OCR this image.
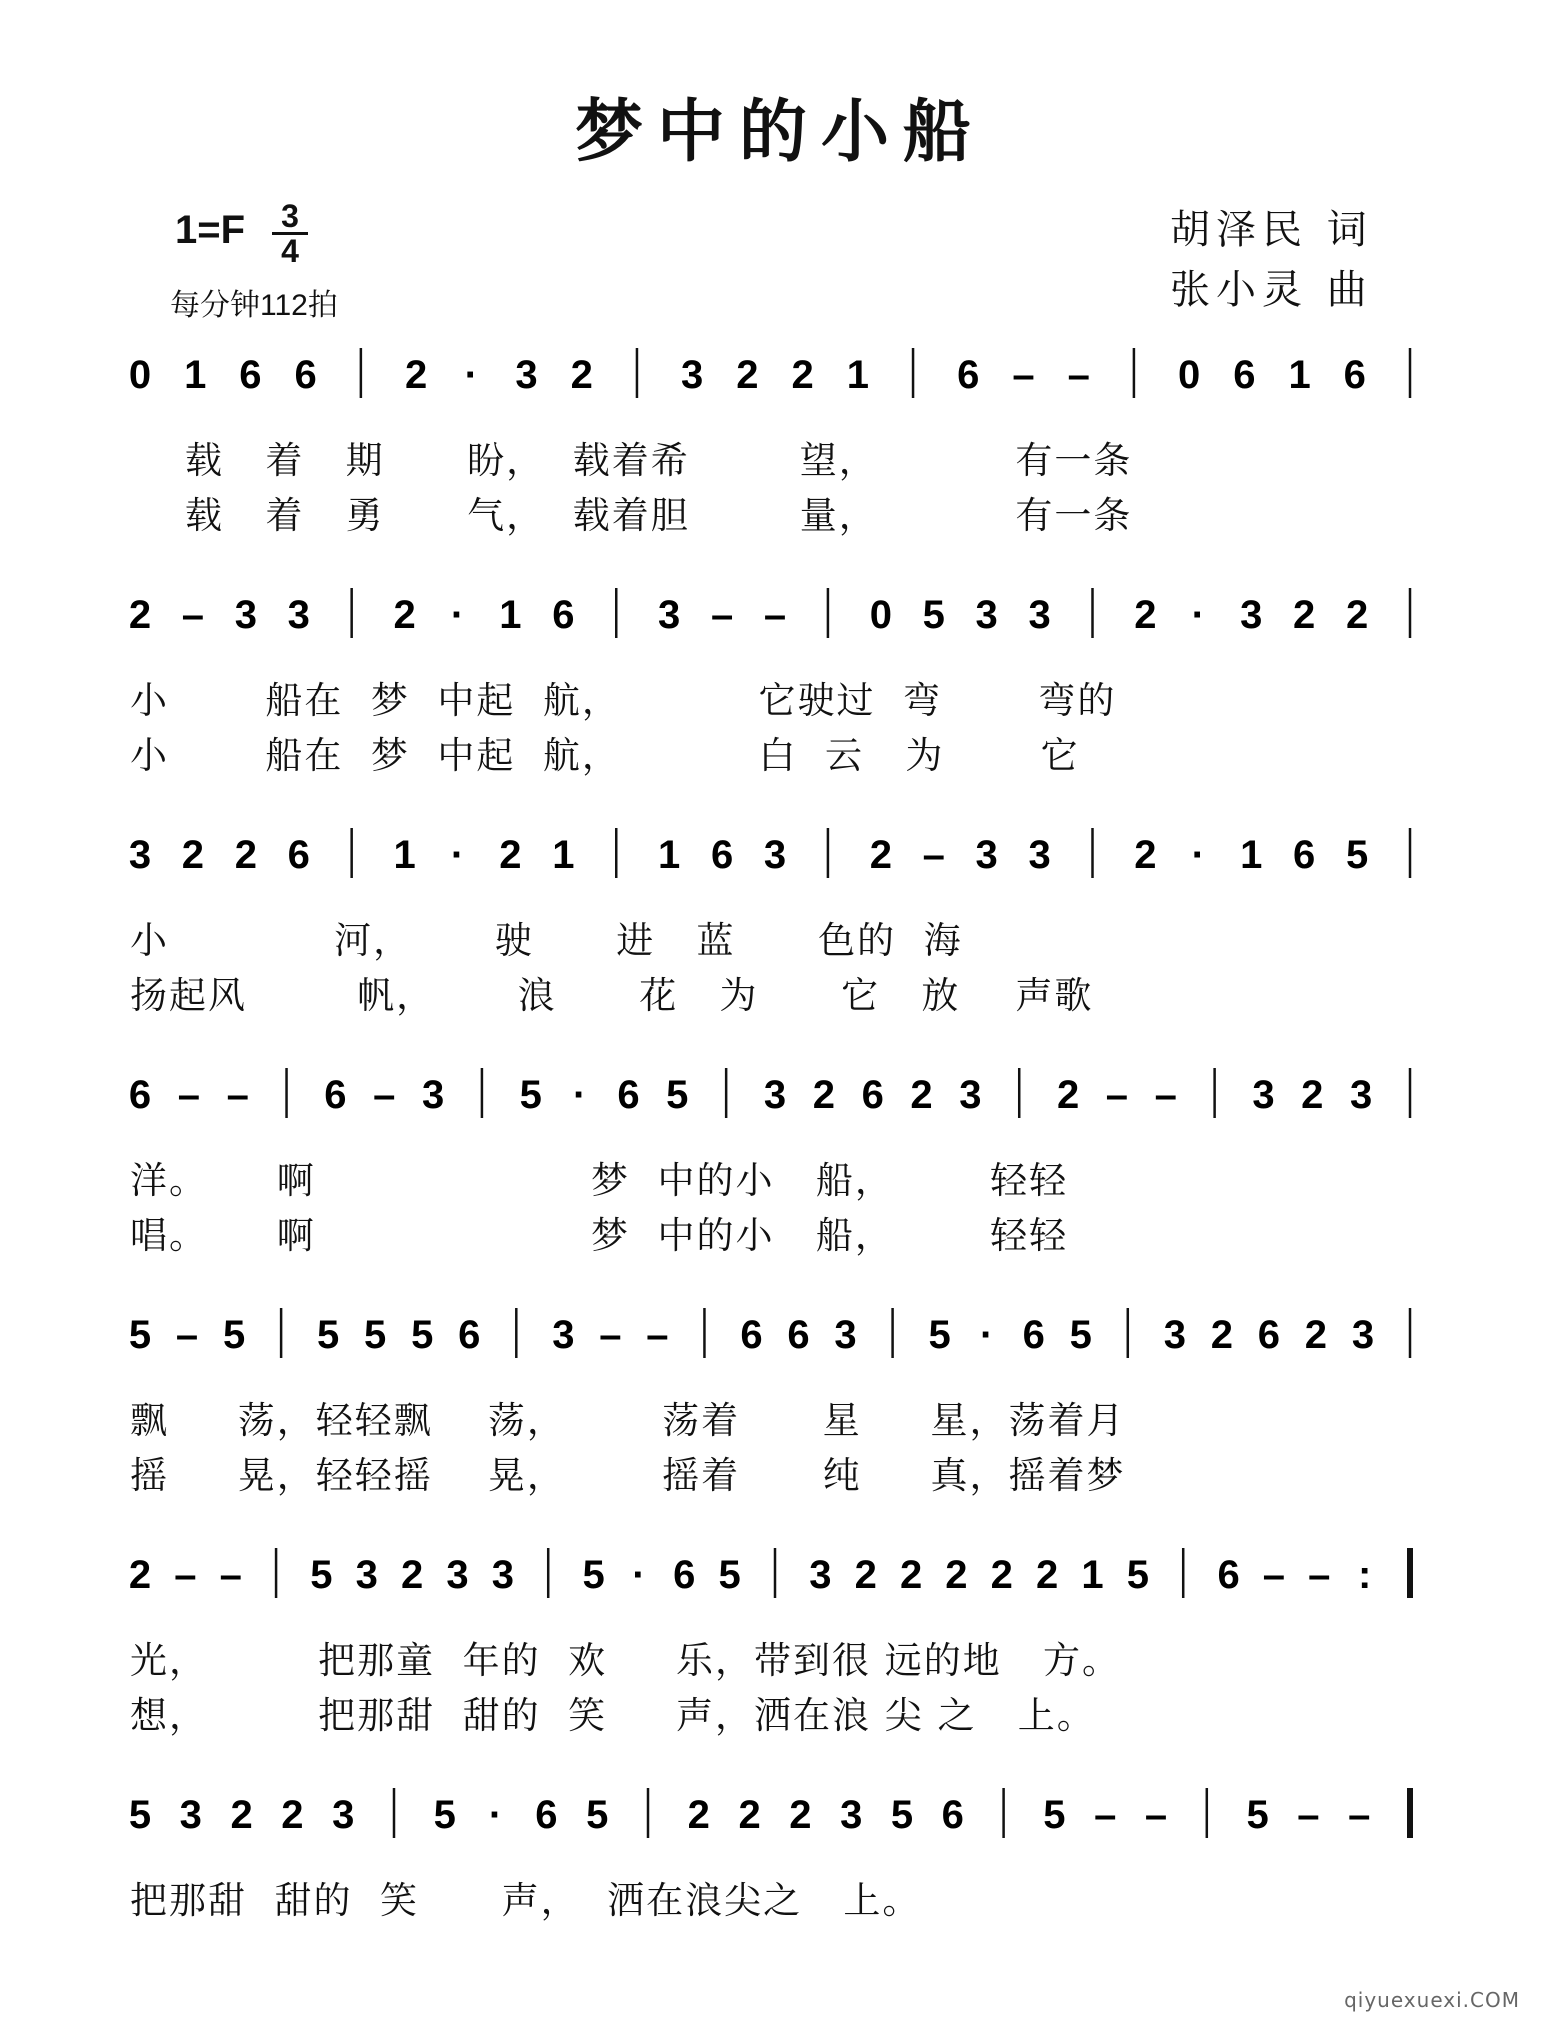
梦中的小船
1=F 3
4
每分钟112拍
胡泽民 词
张小灵 曲
0 1 6 6 2 · 3 2 3 2 2 1 6 – – 0 6 1 6
载   着   期      盼，  载着希        望，          有一条
载   着   勇      气，  载着胆        量，          有一条
2 – 3 3 2 · 1 6 3 – – 0 5 3 3 2 · 3 2 2
小       船在  梦  中起  航，          它驶过  弯       弯的
小       船在  梦  中起  航，          白  云   为       它
3 2 2 6 1 · 2 1 1 6 3 2 – 3 3 2 · 1 6 5
小            河，      驶      进   蓝      色的  海
扬起风        帆，      浪      花   为      它   放    声歌
6 – – 6 – 3 5 · 6 5 3 2 6 2 3 2 – – 3 2 3
洋。     啊                    梦  中的小   船，       轻轻
唱。     啊                    梦  中的小   船，       轻轻
5 – 5 5 5 5 6 3 – – 6 6 3 5 · 6 5 3 2 6 2 3
飘     荡，轻轻飘    荡，       荡着      星     星，荡着月
摇     晃，轻轻摇    晃，       摇着      纯     真，摇着梦
2 – – 5 3 2 3 3 5 · 6 5 3 2 2 2 2 2 1 5 6 – – :
光，        把那童  年的  欢     乐，带到很 远的地   方。
想，        把那甜  甜的  笑     声，洒在浪 尖 之   上。
5 3 2 2 3 5 · 6 5 2 2 2 3 5 6 5 – – 5 – –
把那甜  甜的  笑      声，  洒在浪尖之   上。
qiyuexuexi.COM
